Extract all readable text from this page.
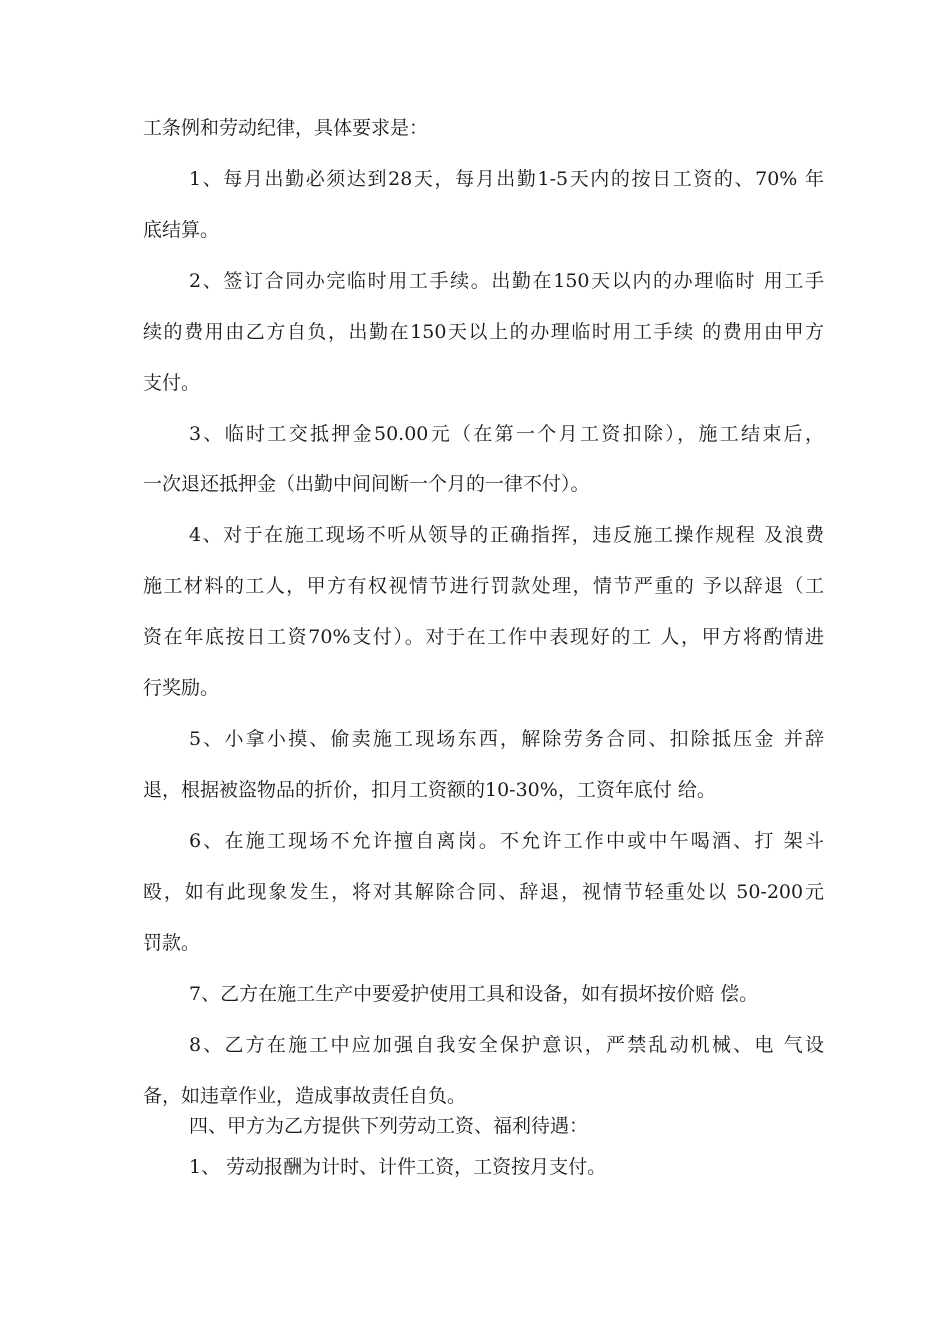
工条例和劳动纪律，具体要求是：
1、每月出勤必须达到28天，每月出勤1-5天内的按日工资的、70% 年
底结算。
2、签订合同办完临时用工手续。出勤在150天以内的办理临时 用工手
续的费用由乙方自负，出勤在150天以上的办理临时用工手续 的费用由甲方
支付。
3、临时工交抵押金50.00元（在第一个月工资扣除），施工结束后，
一次退还抵押金（出勤中间间断一个月的一律不付）。
4、对于在施工现场不听从领导的正确指挥，违反施工操作规程 及浪费
施工材料的工人，甲方有权视情节进行罚款处理，情节严重的 予以辞退（工
资在年底按日工资70%支付）。对于在工作中表现好的工 人，甲方将酌情进
行奖励。
5、小拿小摸、偷卖施工现场东西，解除劳务合同、扣除抵压金 并辞
退，根据被盗物品的折价，扣月工资额的10-30%，工资年底付 给。
6、在施工现场不允许擅自离岗。不允许工作中或中午喝酒、打 架斗
殴，如有此现象发生，将对其解除合同、辞退，视情节轻重处以 50-200元
罚款。
7、乙方在施工生产中要爱护使用工具和设备，如有损坏按价赔 偿。
8、乙方在施工中应加强自我安全保护意识，严禁乱动机械、电 气设
备，如违章作业，造成事故责任自负。
四、甲方为乙方提供下列劳动工资、福利待遇：
1、 劳动报酬为计时、计件工资，工资按月支付。
